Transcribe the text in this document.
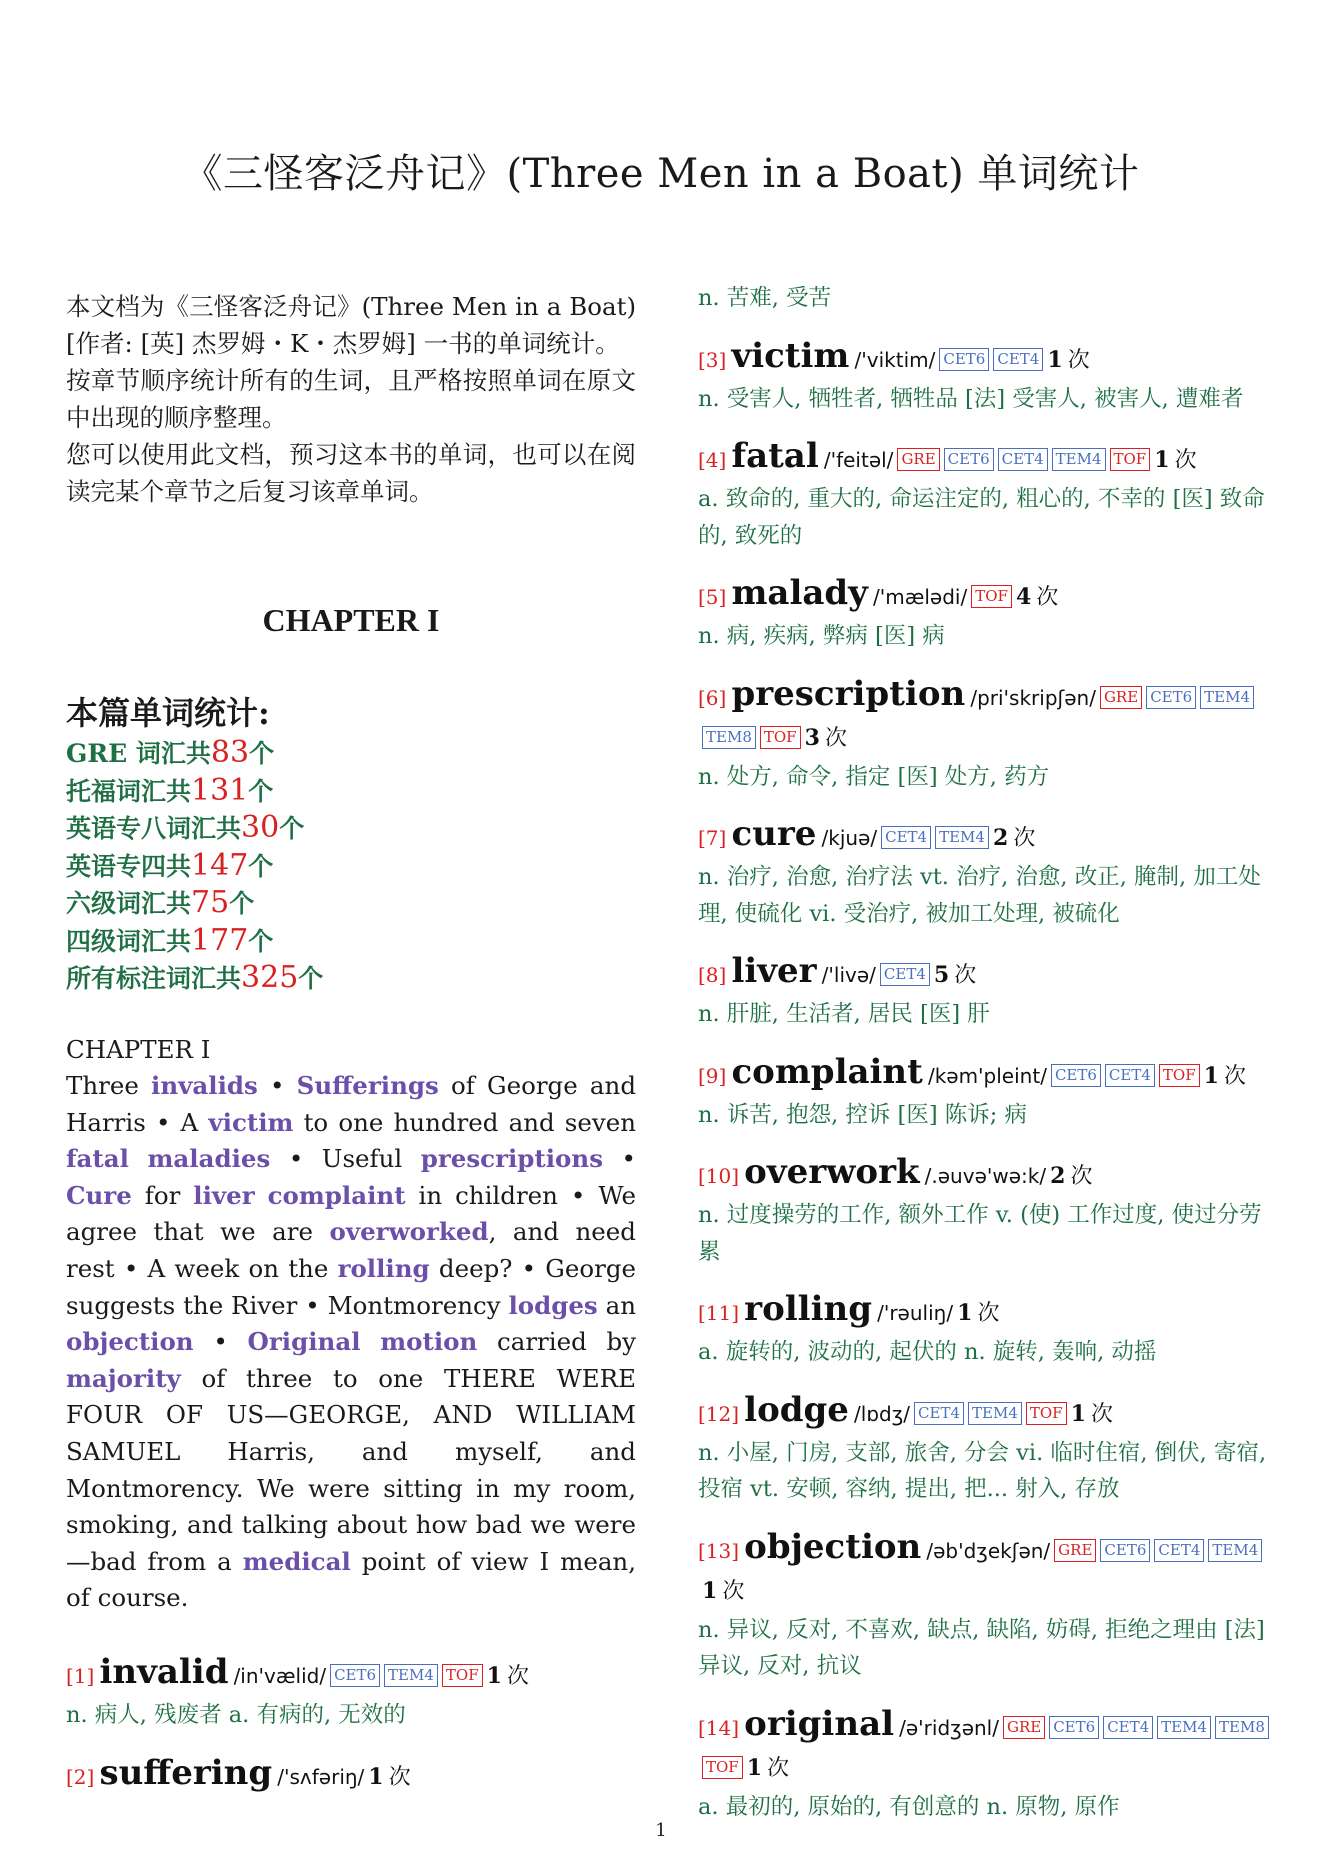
《三怪客泛舟记》(Three Men in a Boat) 单词统计

本文档为《三怪客泛舟记》(Three Men in a Boat)[作者: [英] 杰罗姆・K・杰罗姆] 一书的单词统计。

按章节顺序统计所有的生词，且严格按照单词在原文中出现的顺序整理。

您可以使用此文档，预习这本书的单词，也可以在阅读完某个章节之后复习该章单词。

CHAPTER I
本篇单词统计:
GRE 词汇共83个
托福词汇共131个
英语专八词汇共30个
英语专四共147个
六级词汇共75个
四级词汇共177个
所有标注词汇共325个
CHAPTER I
Three invalids • Sufferings of George and Harris • A victim to one hundred and seven fatal maladies • Useful prescriptions • Cure for liver complaint in children • We agree that we are overworked, and need rest • A week on the rolling deep? • George suggests the River • Montmorency lodges an objection • Original motion carried by majority of three to one THERE WERE FOUR OF US—GEORGE, AND WILLIAM SAMUEL Harris, and myself, and Montmorency. We were sitting in my room, smoking, and talking about how bad we were—bad from a medical point of view I mean, of course.
[1] invalid /in'vælid/ CET6 TEM4 TOF 1 次
n. 病人, 残废者 a. 有病的, 无效的
[2] suffering /'sʌfəriŋ/ 1 次
n. 苦难, 受苦
[3] victim /'viktim/ CET6 CET4 1 次
n. 受害人, 牺牲者, 牺牲品 [法] 受害人, 被害人, 遭难者
[4] fatal /'feitəl/ GRE CET6 CET4 TEM4 TOF 1 次
a. 致命的, 重大的, 命运注定的, 粗心的, 不幸的 [医] 致命的, 致死的
[5] malady /'mælədi/ TOF 4 次
n. 病, 疾病, 弊病 [医] 病
[6] prescription /pri'skripʃən/ GRE CET6 TEM4TEM8 TOF 3 次
n. 处方, 命令, 指定 [医] 处方, 药方
[7] cure /kjuə/ CET4 TEM4 2 次
n. 治疗, 治愈, 治疗法 vt. 治疗, 治愈, 改正, 腌制, 加工处理, 使硫化 vi. 受治疗, 被加工处理, 被硫化
[8] liver /'livə/ CET4 5 次
n. 肝脏, 生活者, 居民 [医] 肝
[9] complaint /kəm'pleint/ CET6 CET4 TOF 1 次
n. 诉苦, 抱怨, 控诉 [医] 陈诉; 病
[10] overwork /.əuvə'wə:k/ 2 次
n. 过度操劳的工作, 额外工作 v. (使) 工作过度, 使过分劳累
[11] rolling /'rəuliŋ/ 1 次
a. 旋转的, 波动的, 起伏的 n. 旋转, 轰响, 动摇
[12] lodge /lɒdʒ/ CET4 TEM4 TOF 1 次
n. 小屋, 门房, 支部, 旅舍, 分会 vi. 临时住宿, 倒伏, 寄宿, 投宿 vt. 安顿, 容纳, 提出, 把... 射入, 存放
[13] objection /əb'dʒekʃən/ GRE CET6 CET4 TEM41 次
n. 异议, 反对, 不喜欢, 缺点, 缺陷, 妨碍, 拒绝之理由 [法] 异议, 反对, 抗议
[14] original /ə'ridʒənl/ GRE CET6 CET4 TEM4 TEM8TOF 1 次
a. 最初的, 原始的, 有创意的 n. 原物, 原作
1
